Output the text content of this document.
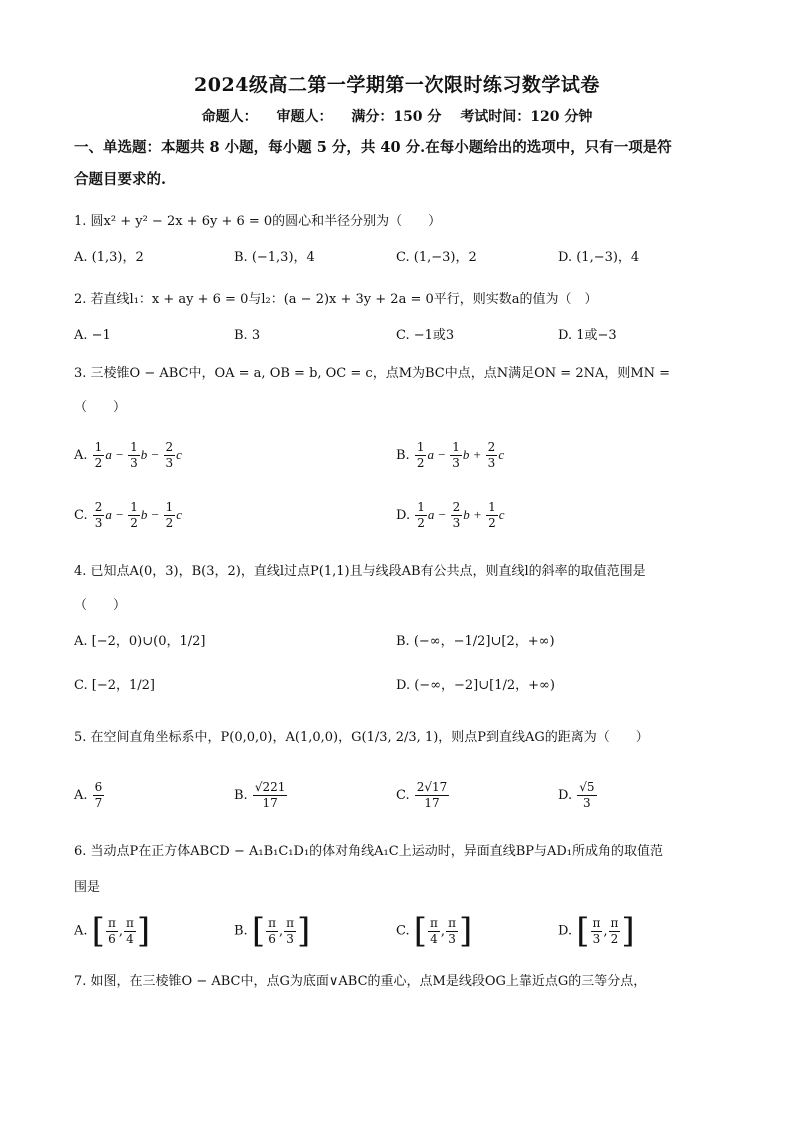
2024级高二第一学期第一次限时练习数学试卷
命题人： 审题人： 满分：150 分 考试时间：120 分钟
一、单选题：本题共 8 小题，每小题 5 分，共 40 分.在每小题给出的选项中，只有一项是符
合题目要求的.
1. 圆x² + y² − 2x + 6y + 6 = 0的圆心和半径分别为（　　）
A. (1,3)，2	B. (−1,3)，4	C. (1,−3)，2	D. (1,−3)，4
2. 若直线l₁：x + ay + 6 = 0与l₂：(a − 2)x + 3y + 2a = 0平行，则实数a的值为（　）
A. −1	B. 3	C. −1或3	D. 1或−3
3. 三棱锥O − ABC中，OA = a, OB = b, OC = c，点M为BC中点，点N满足ON = 2NA，则MN =
（　　）
A. $\frac{1}{2}$ $a - \frac{1}{3}$ $b - \frac{2}{3}$ c	B. $\frac{1}{2}$ $a - \frac{1}{3}$ $b + \frac{2}{3}$ c
C. $\frac{2}{3}$ $a - \frac{1}{2}$ $b - \frac{1}{2}$ c	D. $\frac{1}{2}$ $a - \frac{2}{3}$ $b + \frac{1}{2}$ c
4. 已知点A(0，3)，B(3，2)，直线l过点P(1,1)且与线段AB有公共点，则直线l的斜率的取值范围是
（　　）
A. [−2，0)∪(0，1/2]	B. (−∞，−1/2]∪[2，+∞)
C. [−2，1/2]	D. (−∞，−2]∪[1/2，+∞)
5. 在空间直角坐标系中，P(0,0,0)，A(1,0,0)，G(1/3, 2/3, 1)，则点P到直线AG的距离为（　　）
A. $\frac{6}{7}$	B. $\frac{√221}{17}$	C. $\frac{2√17}{17}$	D. $\frac{√5}{3}$
6. 当动点P在正方体ABCD − A₁B₁C₁D₁的体对角线A₁C上运动时，异面直线BP与AD₁所成角的取值范
围是
A. [ $\frac{\pi}{6}$ , $\frac{\pi}{4}$ ]	B. [ $\frac{\pi}{6}$ , $\frac{\pi}{3}$ ]	C. [ $\frac{\pi}{4}$ , $\frac{\pi}{3}$ ]	D. [ $\frac{\pi}{3}$ , $\frac{\pi}{2}$ ]
7. 如图，在三棱锥O − ABC中，点G为底面∨ABC的重心，点M是线段OG上靠近点G的三等分点，
